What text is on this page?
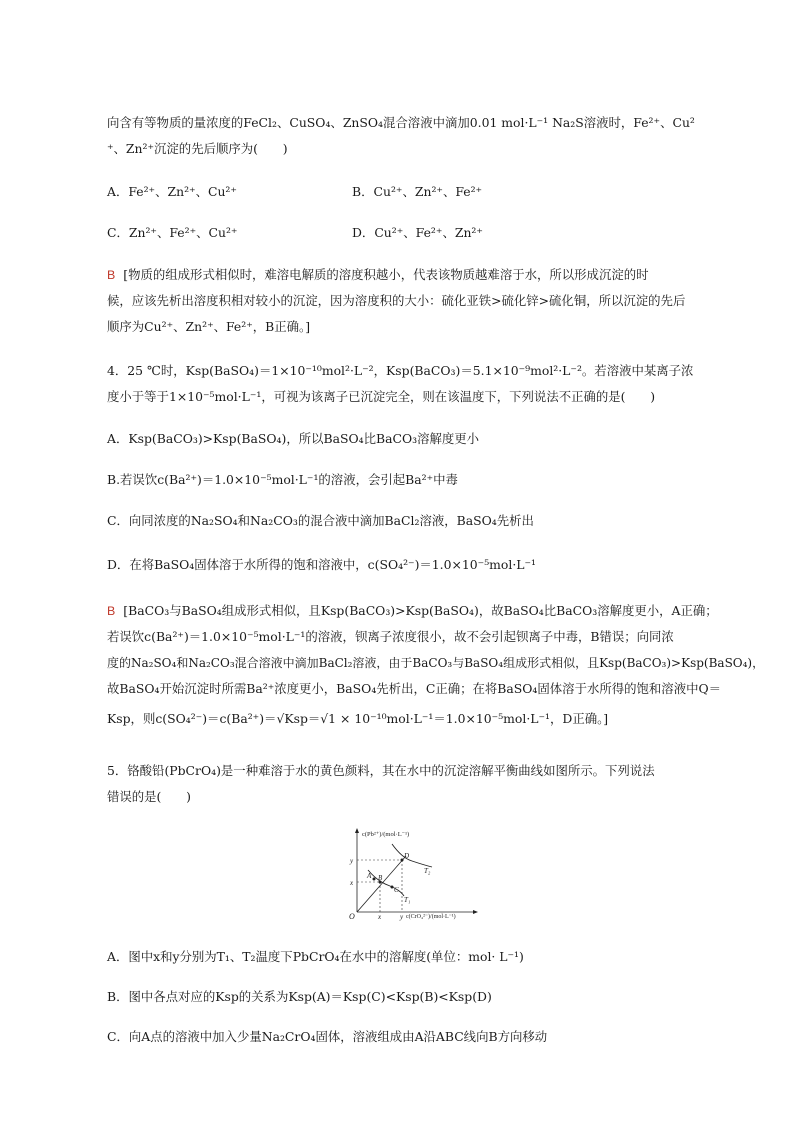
向含有等物质的量浓度的FeCl₂、CuSO₄、ZnSO₄混合溶液中滴加0.01 mol·L⁻¹ Na₂S溶液时，Fe²⁺、Cu²
⁺、Zn²⁺沉淀的先后顺序为(　　)
A．Fe²⁺、Zn²⁺、Cu²⁺	B．Cu²⁺、Zn²⁺、Fe²⁺
C．Zn²⁺、Fe²⁺、Cu²⁺	D．Cu²⁺、Fe²⁺、Zn²⁺
B [物质的组成形式相似时，难溶电解质的溶度积越小，代表该物质越难溶于水，所以形成沉淀的时
候，应该先析出溶度积相对较小的沉淀，因为溶度积的大小：硫化亚铁>硫化锌>硫化铜，所以沉淀的先后
顺序为Cu²⁺、Zn²⁺、Fe²⁺，B正确。]
4．25 ℃时，Ksp(BaSO₄)＝1×10⁻¹⁰mol²·L⁻²，Ksp(BaCO₃)＝5.1×10⁻⁹mol²·L⁻²。若溶液中某离子浓
度小于等于1×10⁻⁵mol·L⁻¹，可视为该离子已沉淀完全，则在该温度下，下列说法不正确的是(　　)
A．Ksp(BaCO₃)>Ksp(BaSO₄)，所以BaSO₄比BaCO₃溶解度更小
B.若误饮c(Ba²⁺)＝1.0×10⁻⁵mol·L⁻¹的溶液，会引起Ba²⁺中毒
C．向同浓度的Na₂SO₄和Na₂CO₃的混合液中滴加BaCl₂溶液，BaSO₄先析出
D．在将BaSO₄固体溶于水所得的饱和溶液中，c(SO₄²⁻)＝1.0×10⁻⁵mol·L⁻¹
B [BaCO₃与BaSO₄组成形式相似，且Ksp(BaCO₃)>Ksp(BaSO₄)，故BaSO₄比BaCO₃溶解度更小，A正确；
若误饮c(Ba²⁺)＝1.0×10⁻⁵mol·L⁻¹的溶液，钡离子浓度很小，故不会引起钡离子中毒，B错误；向同浓
度的Na₂SO₄和Na₂CO₃混合溶液中滴加BaCl₂溶液，由于BaCO₃与BaSO₄组成形式相似，且Ksp(BaCO₃)>Ksp(BaSO₄)，
故BaSO₄开始沉淀时所需Ba²⁺浓度更小，BaSO₄先析出，C正确；在将BaSO₄固体溶于水所得的饱和溶液中Q＝
Ksp，则c(SO₄²⁻)＝c(Ba²⁺)＝√Ksp＝√1 × 10⁻¹⁰mol·L⁻¹＝1.0×10⁻⁵mol·L⁻¹，D正确。]
5．铬酸铅(PbCrO₄)是一种难溶于水的黄色颜料，其在水中的沉淀溶解平衡曲线如图所示。下列说法
错误的是(　　)
c(Pb²⁺)/(mol·L⁻¹)
c(CrO₄²⁻)/(mol·L⁻¹)
O
y
x
x	y
A B
C
D
T₂
T₁
A．图中x和y分别为T₁、T₂温度下PbCrO₄在水中的溶解度(单位：mol· L⁻¹)
B．图中各点对应的Ksp的关系为Ksp(A)＝Ksp(C)<Ksp(B)<Ksp(D)
C．向A点的溶液中加入少量Na₂CrO₄固体，溶液组成由A沿ABC线向B方向移动
